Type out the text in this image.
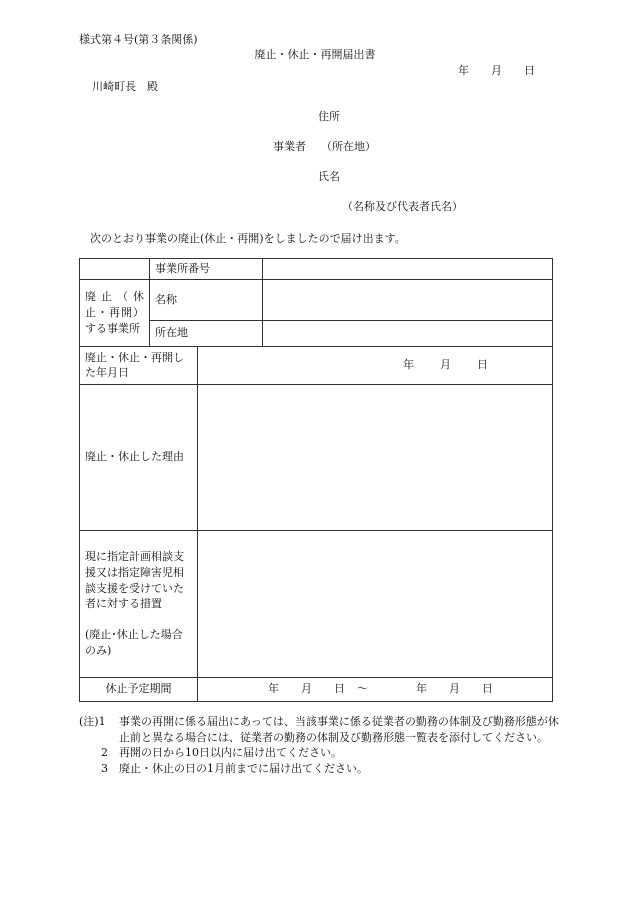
様式第４号(第３条関係)
廃止・休止・再開届出書
年 月 日
川崎町長　殿
住所
事業者 （所在地）
氏名
（名称及び代表者氏名）
次のとおり事業の廃止(休止・再開)をしましたので届け出ます。
	事業所番号		
廃止（休止・再開）する事業所	名称		
	所在地		
廃止・休止・再開した年月日		年 月 日	
廃止・休止した理由			

現に指定計画相談支援又は指定障害児相談支援を受けていた者に対する措置
(廃止･休止した場合のみ)			

休止予定期間		年 月 日 ～ 年 月 日	
(注)1	事業の再開に係る届出にあっては、当該事業に係る従業者の勤務の体制及び勤務形態が休止前と異なる場合には、従業者の勤務の体制及び勤務形態一覧表を添付してください。
2	再開の日から10日以内に届け出てください。
3	廃止・休止の日の1月前までに届け出てください。
